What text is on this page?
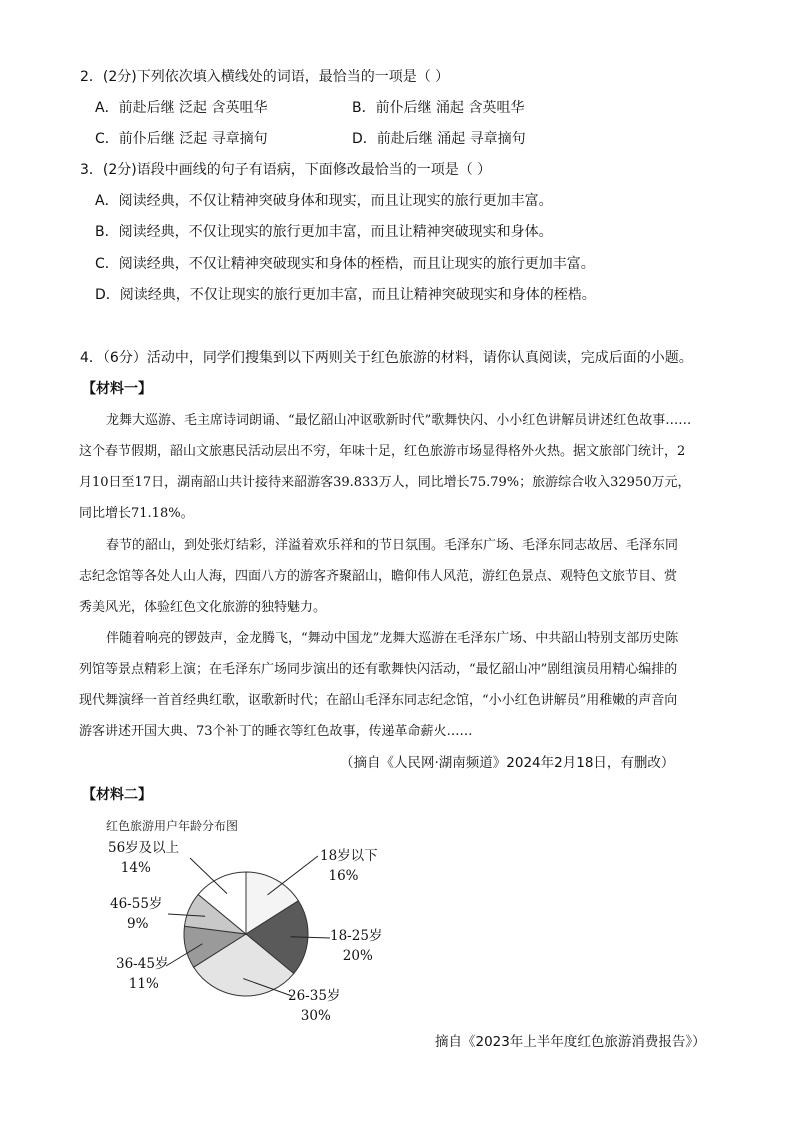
2．(2分)下列依次填入横线处的词语，最恰当的一项是（ ）
A．前赴后继 泛起 含英咀华	B．前仆后继 涌起 含英咀华
C．前仆后继 泛起 寻章摘句	D．前赴后继 涌起 寻章摘句
3．(2分)语段中画线的句子有语病，下面修改最恰当的一项是（ ）
A．阅读经典，不仅让精神突破身体和现实，而且让现实的旅行更加丰富。
B．阅读经典，不仅让现实的旅行更加丰富，而且让精神突破现实和身体。
C．阅读经典，不仅让精神突破现实和身体的桎梏，而且让现实的旅行更加丰富。
D．阅读经典，不仅让现实的旅行更加丰富，而且让精神突破现实和身体的桎梏。
4．（6分）活动中，同学们搜集到以下两则关于红色旅游的材料，请你认真阅读，完成后面的小题。
【材料一】
龙舞大巡游、毛主席诗词朗诵、“最忆韶山冲讴歌新时代”歌舞快闪、小小红色讲解员讲述红色故事……
这个春节假期，韶山文旅惠民活动层出不穷，年味十足，红色旅游市场显得格外火热。据文旅部门统计，2
月10日至17日，湖南韶山共计接待来韶游客39.833万人，同比增长75.79%；旅游综合收入32950万元，
同比增长71.18%。
春节的韶山，到处张灯结彩，洋溢着欢乐祥和的节日氛围。毛泽东广场、毛泽东同志故居、毛泽东同
志纪念馆等各处人山人海，四面八方的游客齐聚韶山，瞻仰伟人风范，游红色景点、观特色文旅节目、赏
秀美风光，体验红色文化旅游的独特魅力。
伴随着响亮的锣鼓声，金龙腾飞，“舞动中国龙”龙舞大巡游在毛泽东广场、中共韶山特别支部历史陈
列馆等景点精彩上演；在毛泽东广场同步演出的还有歌舞快闪活动，“最忆韶山冲”剧组演员用精心编排的
现代舞演绎一首首经典红歌，讴歌新时代；在韶山毛泽东同志纪念馆，“小小红色讲解员”用稚嫩的声音向
游客讲述开国大典、73个补丁的睡衣等红色故事，传递革命薪火……
（摘自《人民网·湖南频道》2024年2月18日，有删改）
【材料二】
红色旅游用户年龄分布图
18岁以下
16%
18-25岁
20%
26-35岁
30%
36-45岁
11%
46-55岁
9%
56岁及以上
14%
摘自《2023年上半年度红色旅游消费报告》）
